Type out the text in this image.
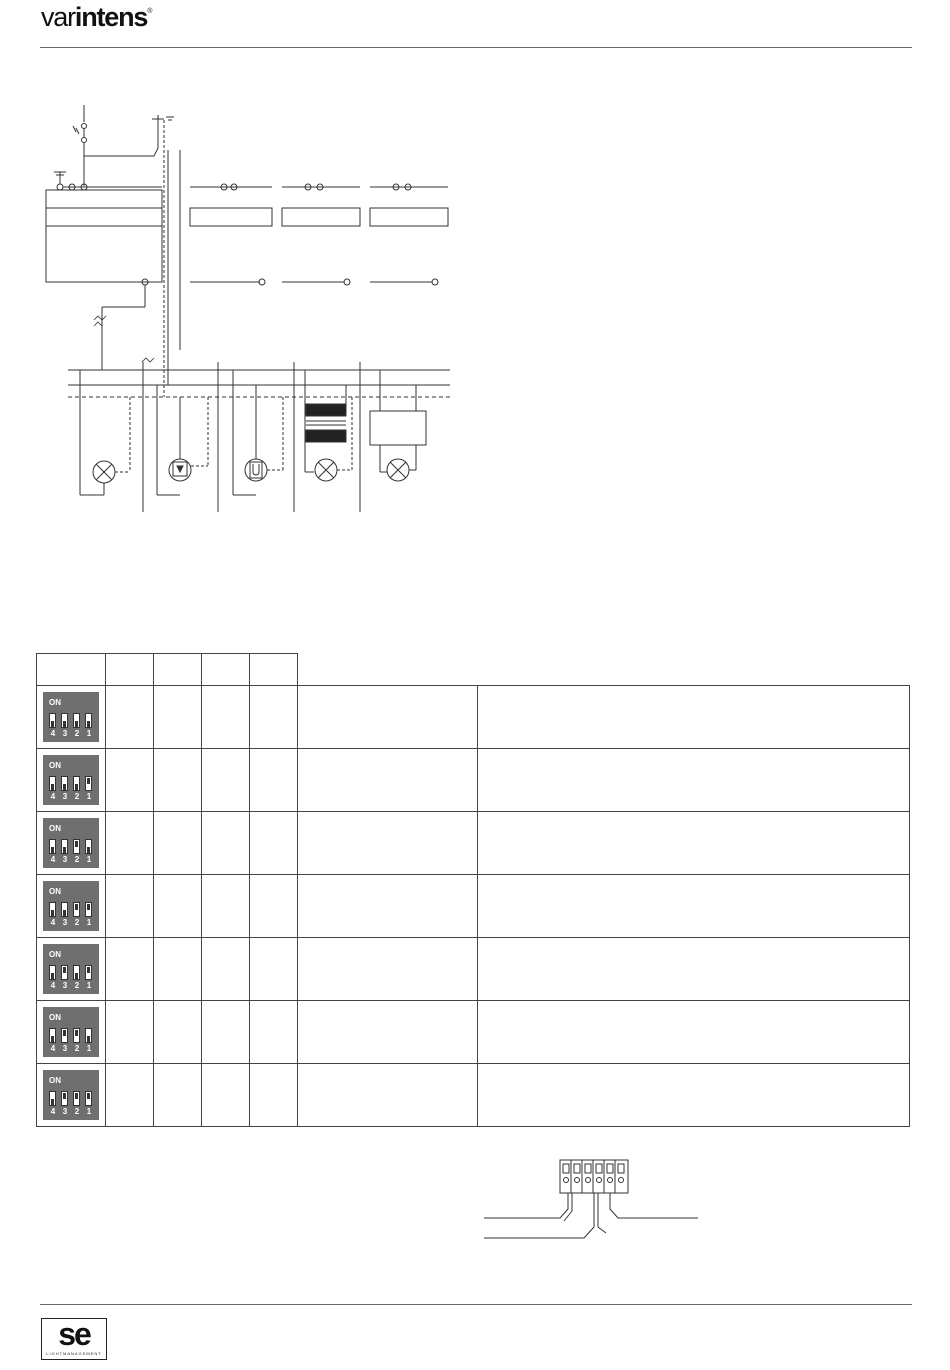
varintens®

ON
4 3 2 1						

ON
4 3 2 1						

ON
4 3 2 1						

ON
4 3 2 1						

ON
4 3 2 1						

ON
4 3 2 1						

ON
4 3 2 1						

se
LIGHTMANAGEMENT
